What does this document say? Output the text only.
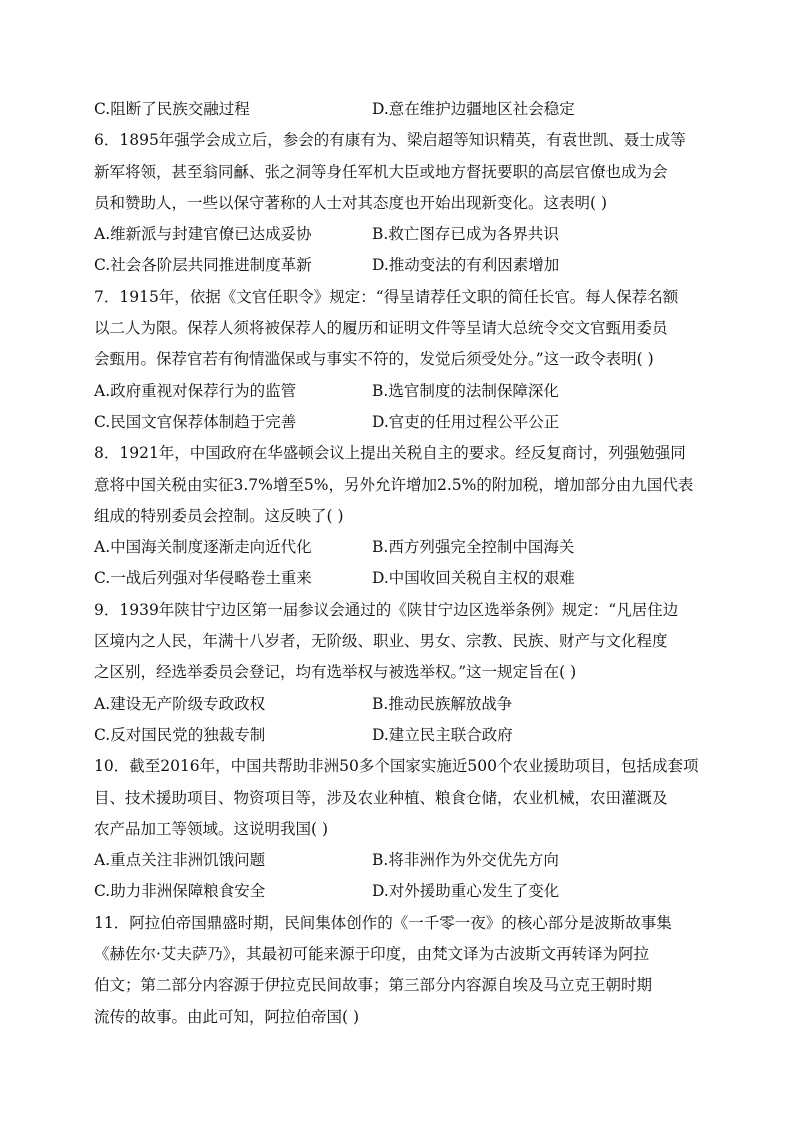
C.阻断了民族交融过程	D.意在维护边疆地区社会稳定
6．1895年强学会成立后，参会的有康有为、梁启超等知识精英，有袁世凯、聂士成等
新军将领，甚至翁同龢、张之洞等身任军机大臣或地方督抚要职的高层官僚也成为会
员和赞助人，一些以保守著称的人士对其态度也开始出现新变化。这表明( )
A.维新派与封建官僚已达成妥协	B.救亡图存已成为各界共识
C.社会各阶层共同推进制度革新	D.推动变法的有利因素增加
7．1915年，依据《文官任职令》规定：“得呈请荐任文职的简任长官。每人保荐名额
以二人为限。保荐人须将被保荐人的履历和证明文件等呈请大总统令交文官甄用委员
会甄用。保荐官若有徇情滥保或与事实不符的，发觉后须受处分。”这一政令表明( )
A.政府重视对保荐行为的监管	B.选官制度的法制保障深化
C.民国文官保荐体制趋于完善	D.官吏的任用过程公平公正
8．1921年，中国政府在华盛顿会议上提出关税自主的要求。经反复商讨，列强勉强同
意将中国关税由实征3.7%增至5%，另外允许增加2.5%的附加税，增加部分由九国代表
组成的特别委员会控制。这反映了( )
A.中国海关制度逐渐走向近代化	B.西方列强完全控制中国海关
C.一战后列强对华侵略卷土重来	D.中国收回关税自主权的艰难
9．1939年陕甘宁边区第一届参议会通过的《陕甘宁边区选举条例》规定：“凡居住边
区境内之人民，年满十八岁者，无阶级、职业、男女、宗教、民族、财产与文化程度
之区别，经选举委员会登记，均有选举权与被选举权。”这一规定旨在( )
A.建设无产阶级专政政权	B.推动民族解放战争
C.反对国民党的独裁专制	D.建立民主联合政府
10．截至2016年，中国共帮助非洲50多个国家实施近500个农业援助项目，包括成套项
目、技术援助项目、物资项目等，涉及农业种植、粮食仓储，农业机械，农田灌溉及
农产品加工等领域。这说明我国( )
A.重点关注非洲饥饿问题	B.将非洲作为外交优先方向
C.助力非洲保障粮食安全	D.对外援助重心发生了变化
11．阿拉伯帝国鼎盛时期，民间集体创作的《一千零一夜》的核心部分是波斯故事集
《赫佐尔·艾夫萨乃》，其最初可能来源于印度，由梵文译为古波斯文再转译为阿拉
伯文；第二部分内容源于伊拉克民间故事；第三部分内容源自埃及马立克王朝时期
流传的故事。由此可知，阿拉伯帝国( )
